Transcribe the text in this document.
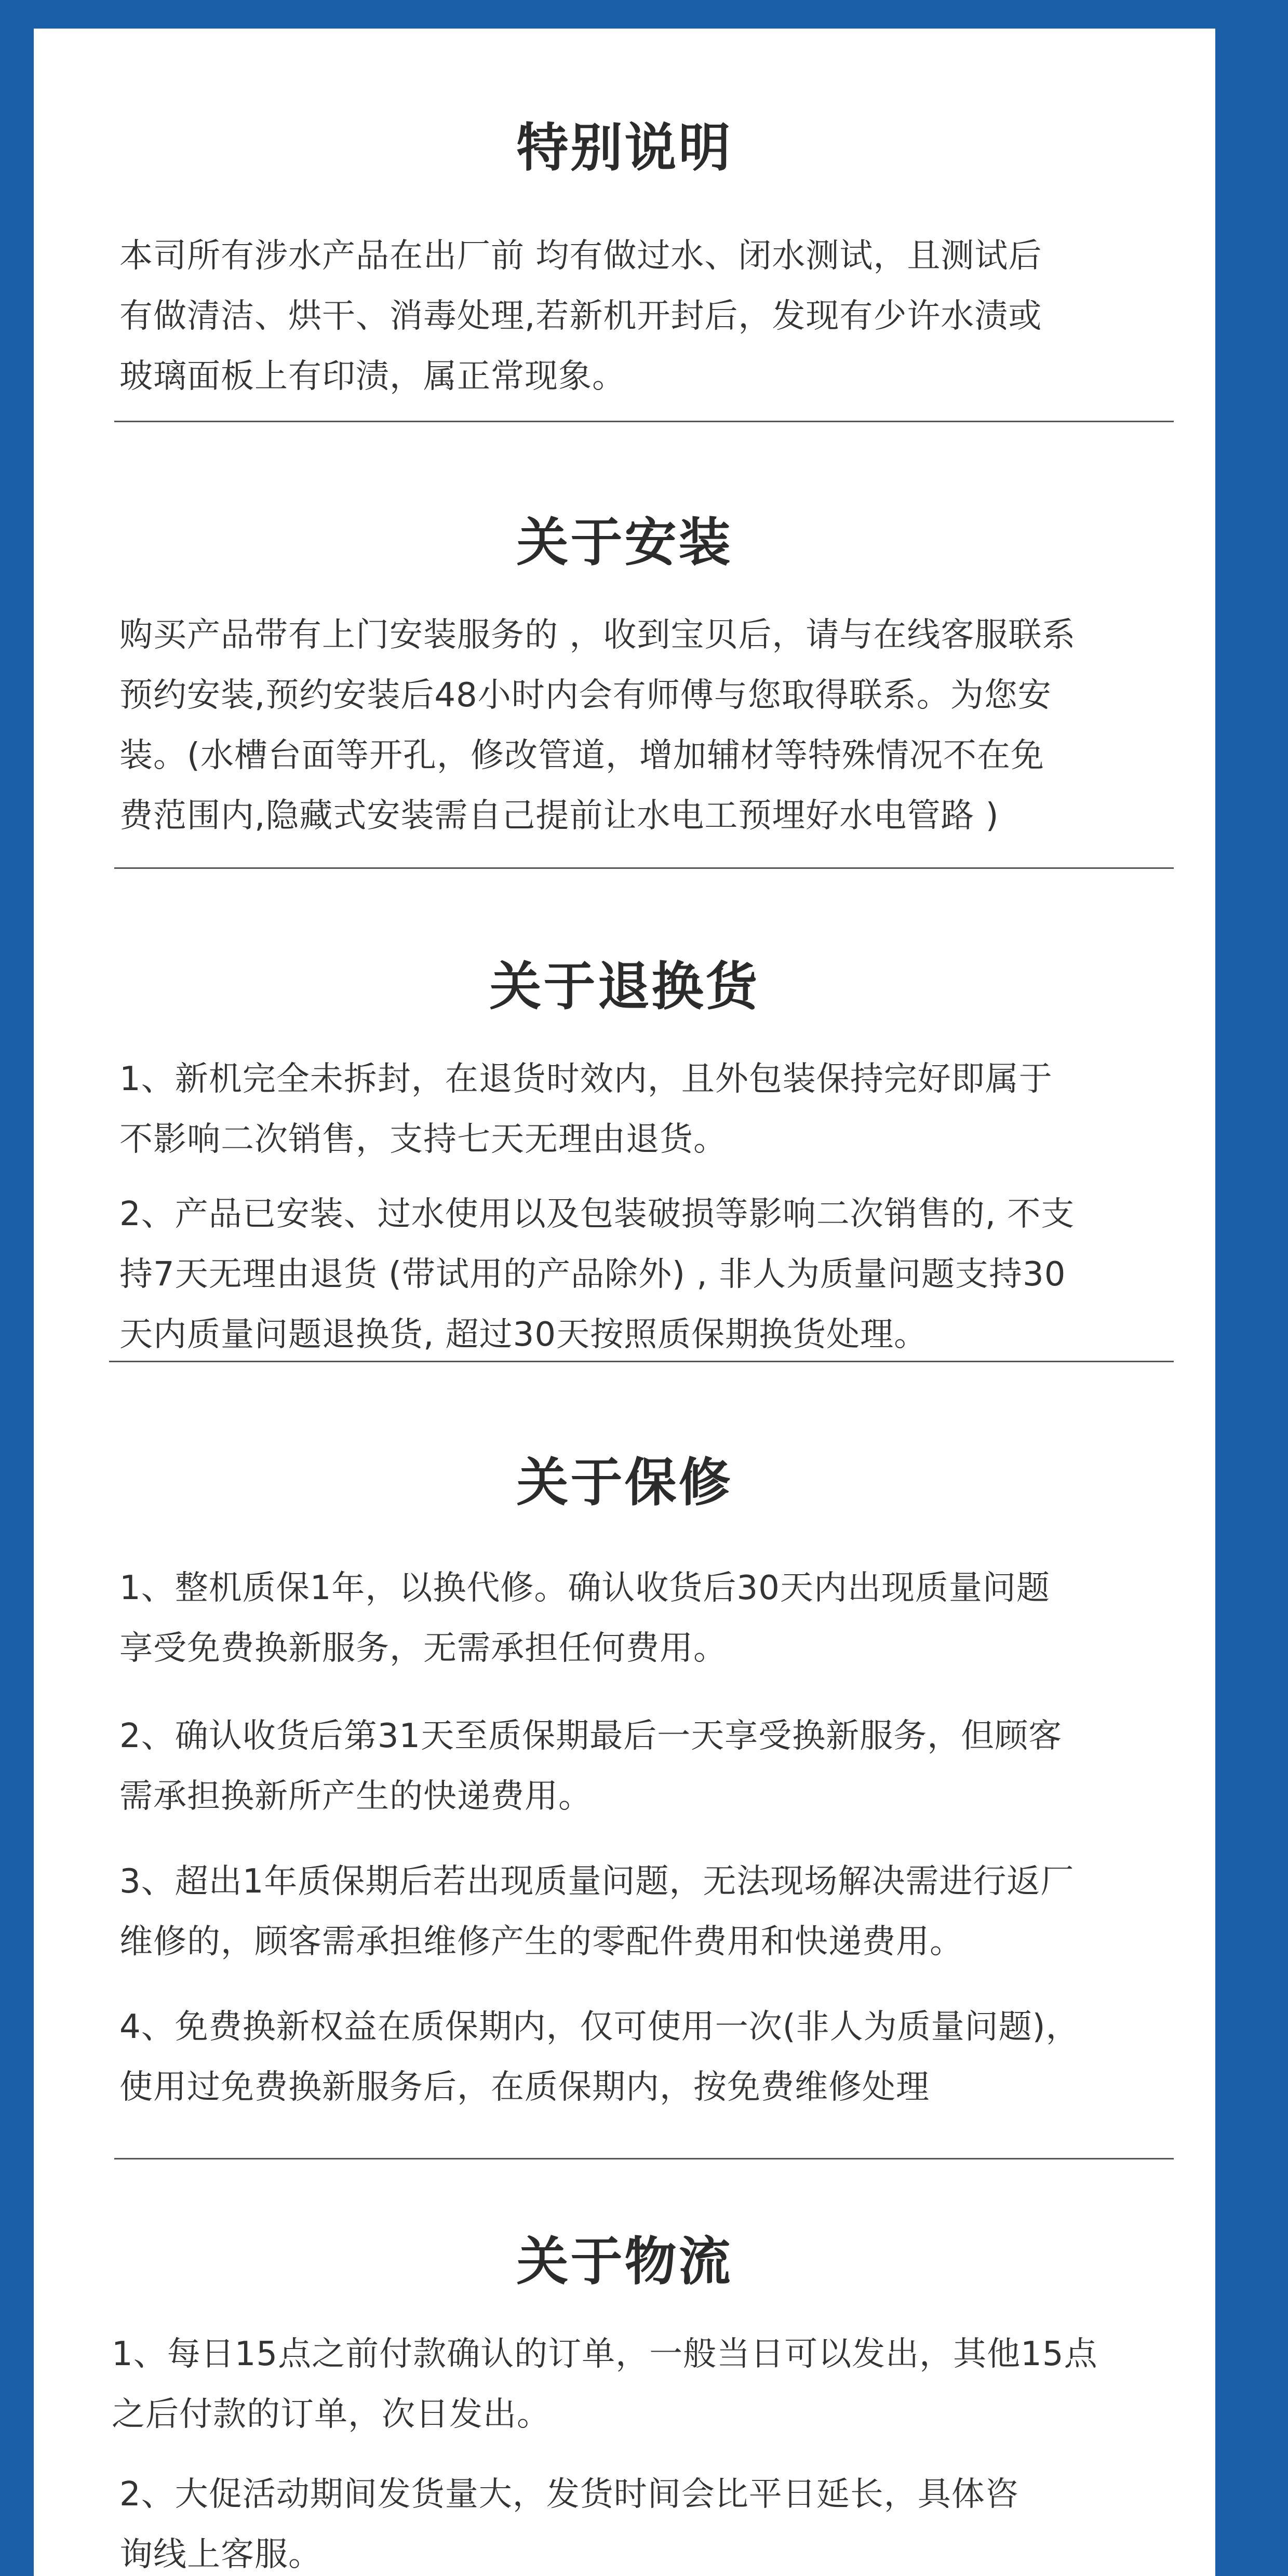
特别说明
本司所有涉水产品在出厂前 均有做过水、闭水测试，且测试后
有做清洁、烘干、消毒处理,若新机开封后，发现有少许水渍或
玻璃面板上有印渍，属正常现象。
关于安装
购买产品带有上门安装服务的 ，收到宝贝后，请与在线客服联系
预约安装,预约安装后48小时内会有师傅与您取得联系。为您安
装。(水槽台面等开孔，修改管道，增加辅材等特殊情况不在免
费范围内,隐藏式安装需自己提前让水电工预埋好水电管路 )
关于退换货
1、新机完全未拆封，在退货时效内，且外包装保持完好即属于
不影响二次销售，支持七天无理由退货。
2、产品已安装、过水使用以及包装破损等影响二次销售的, 不支
持7天无理由退货 (带试用的产品除外) , 非人为质量问题支持30
天内质量问题退换货, 超过30天按照质保期换货处理。
关于保修
1、整机质保1年，以换代修。确认收货后30天内出现质量问题
享受免费换新服务，无需承担任何费用。
2、确认收货后第31天至质保期最后一天享受换新服务，但顾客
需承担换新所产生的快递费用。
3、超出1年质保期后若出现质量问题，无法现场解决需进行返厂
维修的，顾客需承担维修产生的零配件费用和快递费用。
4、免费换新权益在质保期内，仅可使用一次(非人为质量问题)，
使用过免费换新服务后，在质保期内，按免费维修处理
关于物流
1、每日15点之前付款确认的订单，一般当日可以发出，其他15点
之后付款的订单，次日发出。
2、大促活动期间发货量大，发货时间会比平日延长，具体咨
询线上客服。
